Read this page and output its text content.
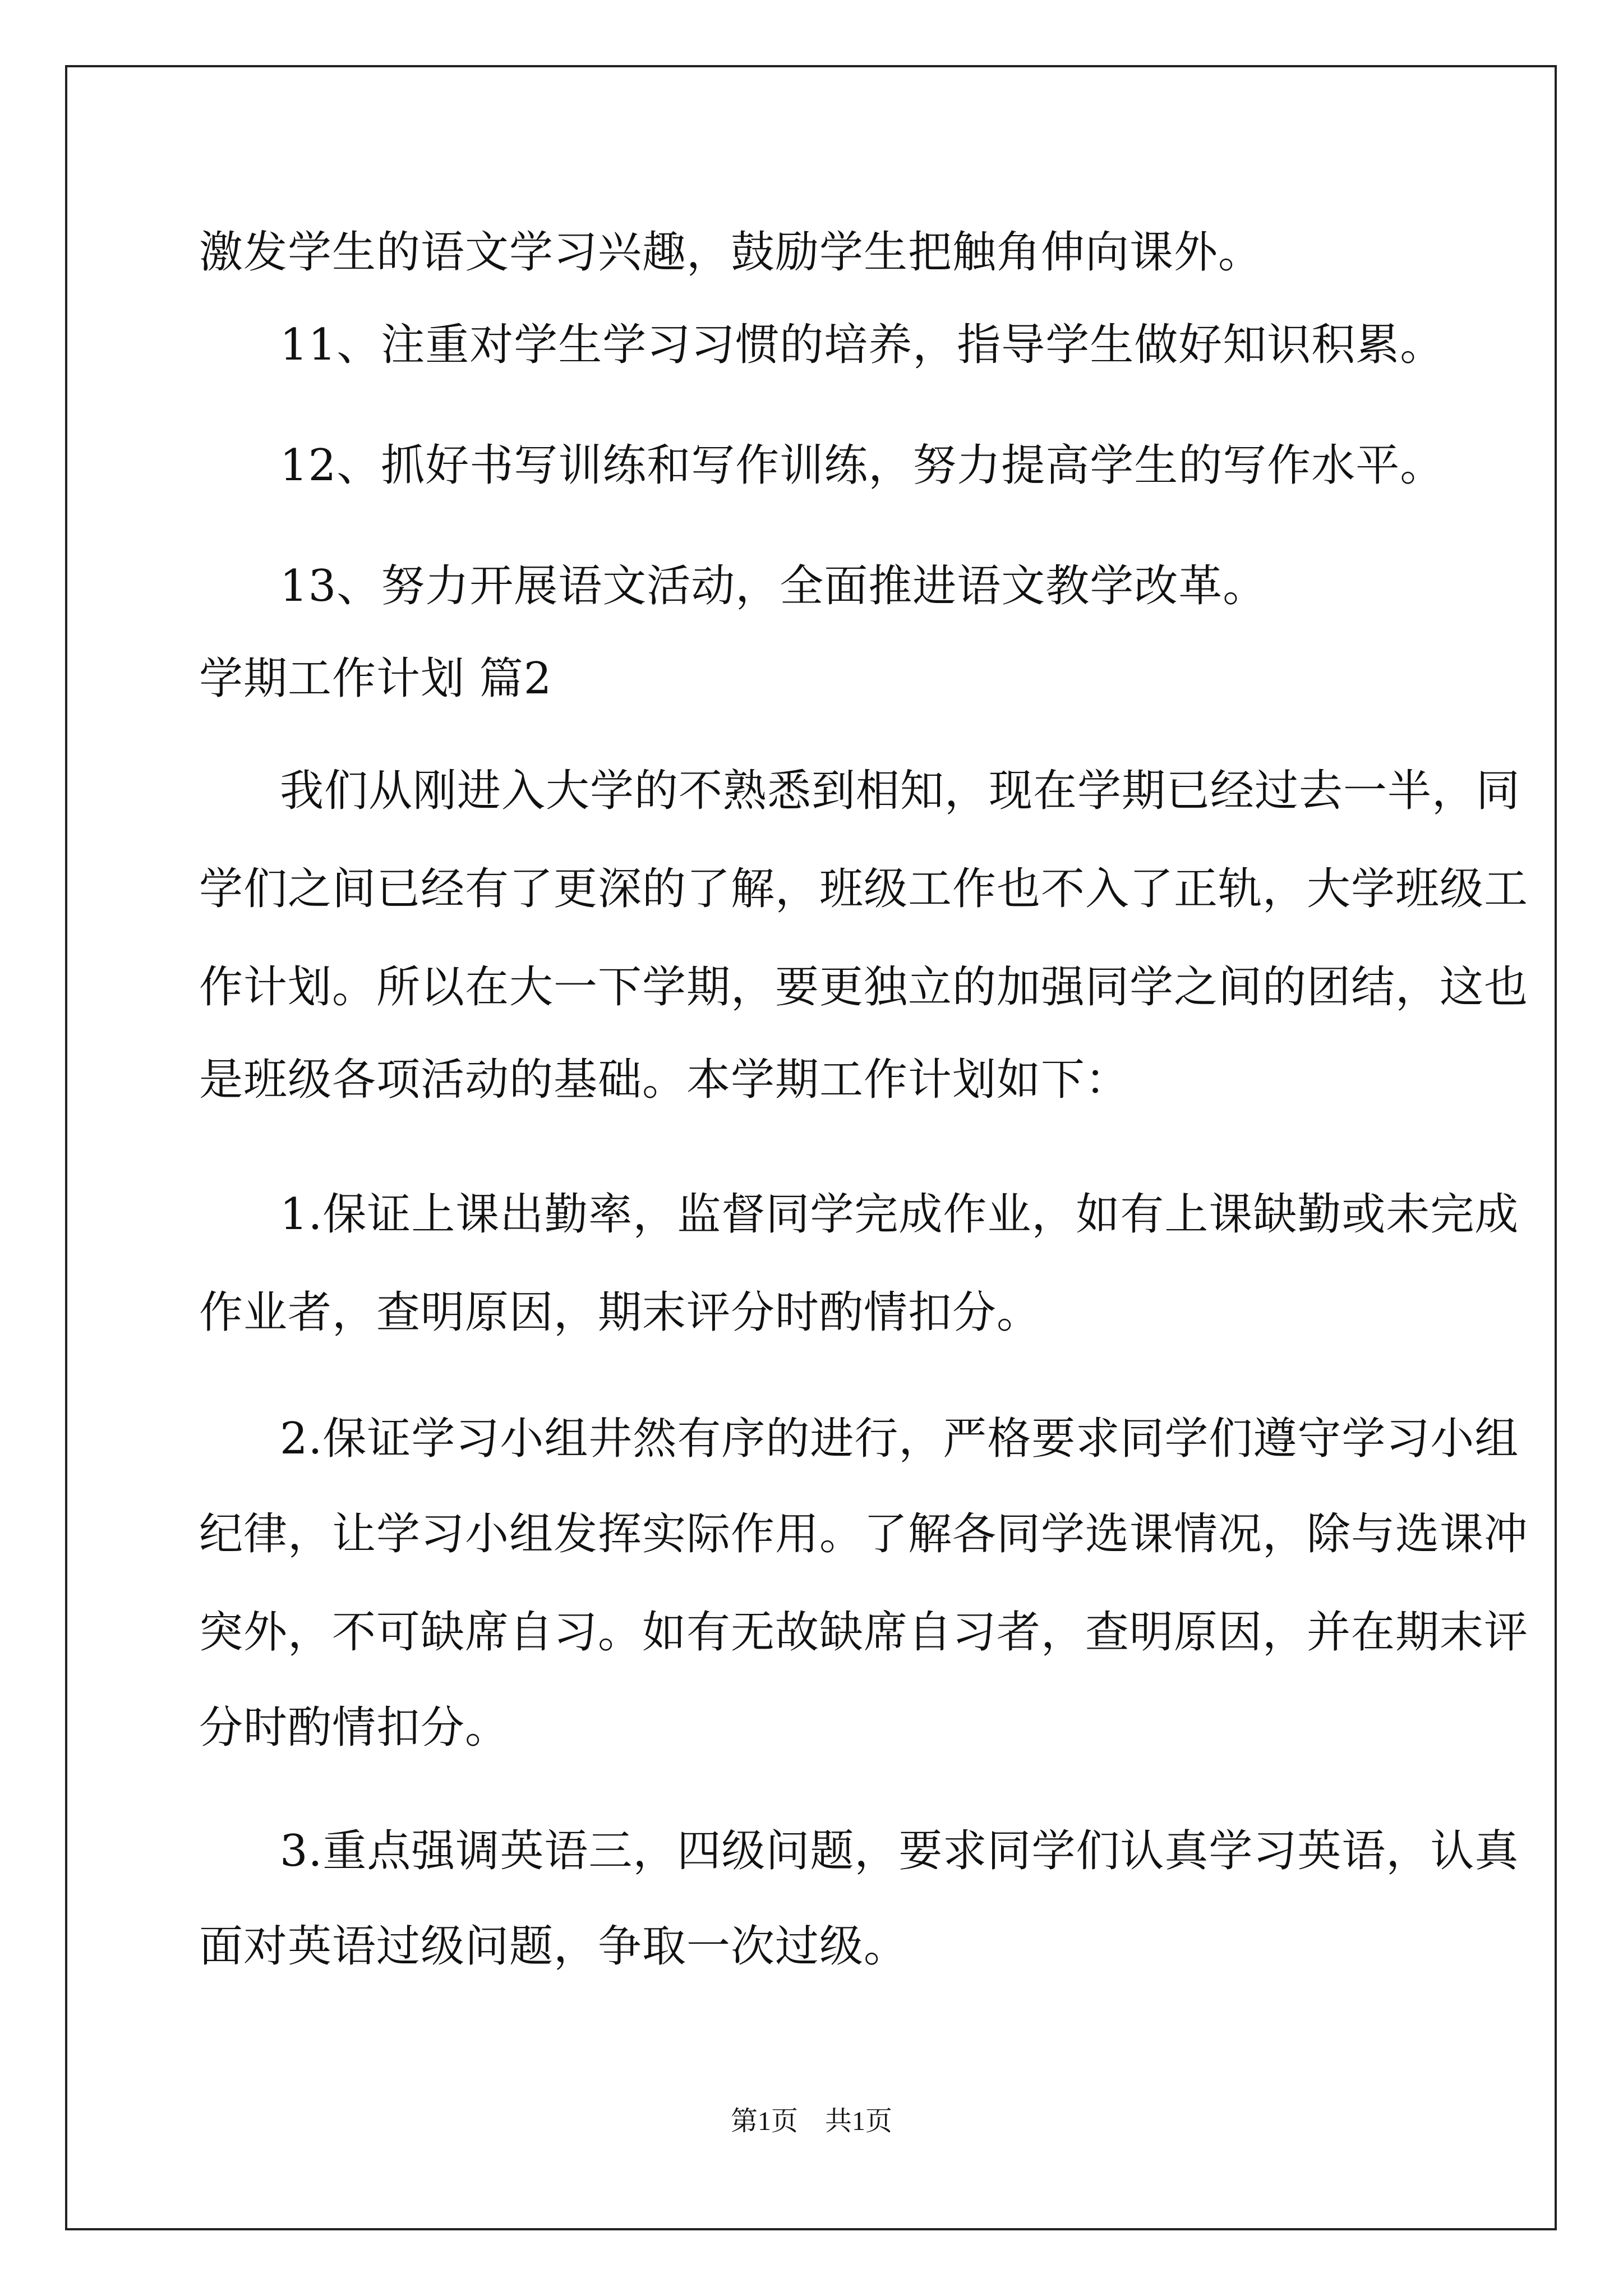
激发学生的语文学习兴趣，鼓励学生把触角伸向课外。
11、注重对学生学习习惯的培养，指导学生做好知识积累。
12、抓好书写训练和写作训练，努力提高学生的写作水平。
13、努力开展语文活动，全面推进语文教学改革。
学期工作计划 篇2
我们从刚进入大学的不熟悉到相知，现在学期已经过去一半，同
学们之间已经有了更深的了解，班级工作也不入了正轨，大学班级工
作计划。所以在大一下学期，要更独立的加强同学之间的团结，这也
是班级各项活动的基础。本学期工作计划如下：
1.保证上课出勤率，监督同学完成作业，如有上课缺勤或未完成
作业者，查明原因，期末评分时酌情扣分。
2.保证学习小组井然有序的进行，严格要求同学们遵守学习小组
纪律，让学习小组发挥实际作用。了解各同学选课情况，除与选课冲
突外，不可缺席自习。如有无故缺席自习者，查明原因，并在期末评
分时酌情扣分。
3.重点强调英语三，四级问题，要求同学们认真学习英语，认真
面对英语过级问题，争取一次过级。
第1页　共1页
